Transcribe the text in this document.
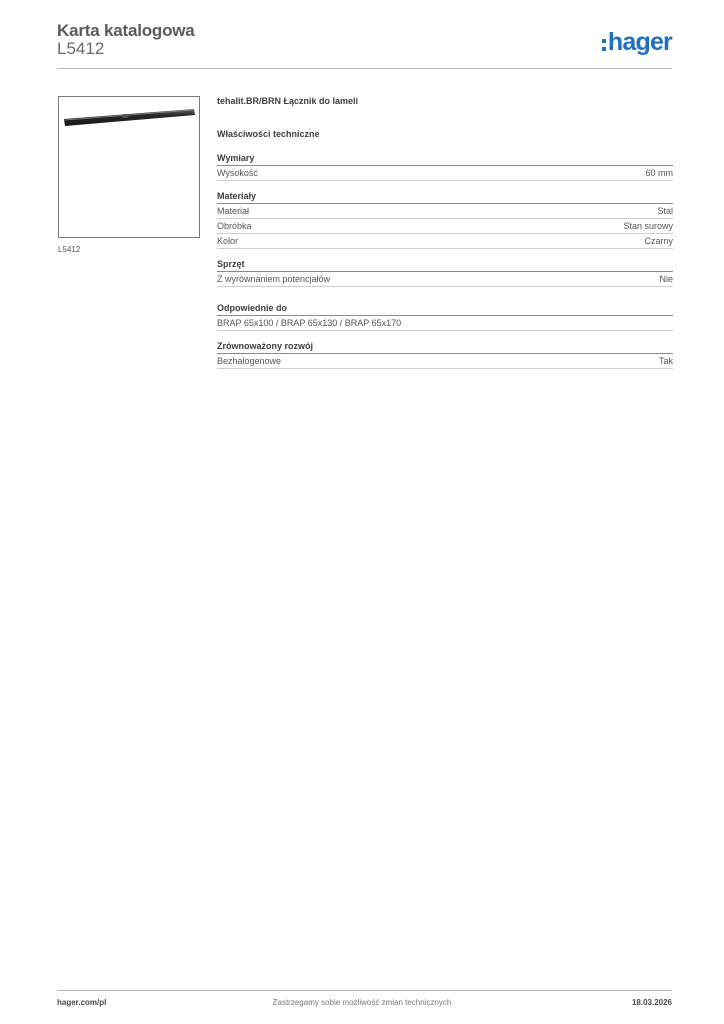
Karta katalogowa
L5412	hager
L5412
tehalit.BR/BRN Łącznik do lameli
Właściwości techniczne
Wymiary
Wysokość	60 mm
Materiały
Materiał	Stal
Obróbka	Stan surowy
Kolor	Czarny
Sprzęt
Z wyrównaniem potencjałów	Nie
Odpowiednie do
BRAP 65x100 / BRAP 65x130 / BRAP 65x170
Zrównoważony rozwój
Bezhalogenowe	Tak
hager.com/pl	Zastrzegamy sobie możliwość zmian technicznych	18.03.2026
